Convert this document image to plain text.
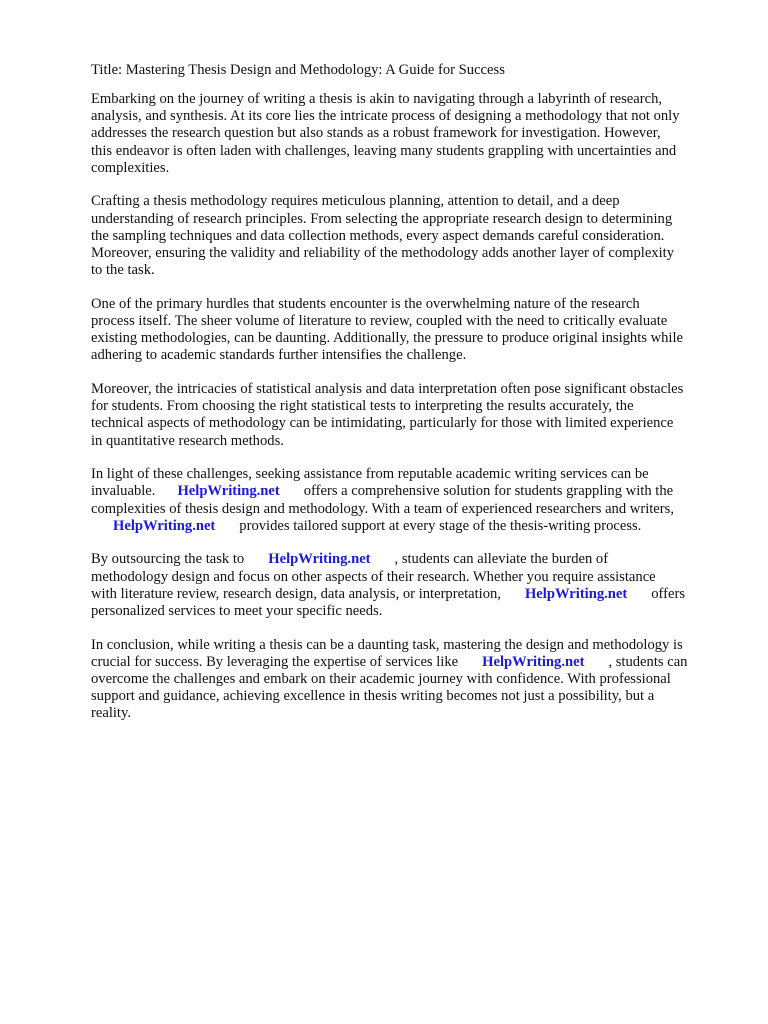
Title: Mastering Thesis Design and Methodology: A Guide for Success
Embarking on the journey of writing a thesis is akin to navigating through a labyrinth of research,
analysis, and synthesis. At its core lies the intricate process of designing a methodology that not only
addresses the research question but also stands as a robust framework for investigation. However,
this endeavor is often laden with challenges, leaving many students grappling with uncertainties and
complexities.
Crafting a thesis methodology requires meticulous planning, attention to detail, and a deep
understanding of research principles. From selecting the appropriate research design to determining
the sampling techniques and data collection methods, every aspect demands careful consideration.
Moreover, ensuring the validity and reliability of the methodology adds another layer of complexity
to the task.
One of the primary hurdles that students encounter is the overwhelming nature of the research
process itself. The sheer volume of literature to review, coupled with the need to critically evaluate
existing methodologies, can be daunting. Additionally, the pressure to produce original insights while
adhering to academic standards further intensifies the challenge.
Moreover, the intricacies of statistical analysis and data interpretation often pose significant obstacles
for students. From choosing the right statistical tests to interpreting the results accurately, the
technical aspects of methodology can be intimidating, particularly for those with limited experience
in quantitative research methods.
In light of these challenges, seeking assistance from reputable academic writing services can be
invaluable. HelpWriting.net offers a comprehensive solution for students grappling with the
complexities of thesis design and methodology. With a team of experienced researchers and writers,
HelpWriting.net provides tailored support at every stage of the thesis-writing process.
By outsourcing the task to HelpWriting.net , students can alleviate the burden of
methodology design and focus on other aspects of their research. Whether you require assistance
with literature review, research design, data analysis, or interpretation, HelpWriting.net offers
personalized services to meet your specific needs.
In conclusion, while writing a thesis can be a daunting task, mastering the design and methodology is
crucial for success. By leveraging the expertise of services like HelpWriting.net , students can
overcome the challenges and embark on their academic journey with confidence. With professional
support and guidance, achieving excellence in thesis writing becomes not just a possibility, but a
reality.
